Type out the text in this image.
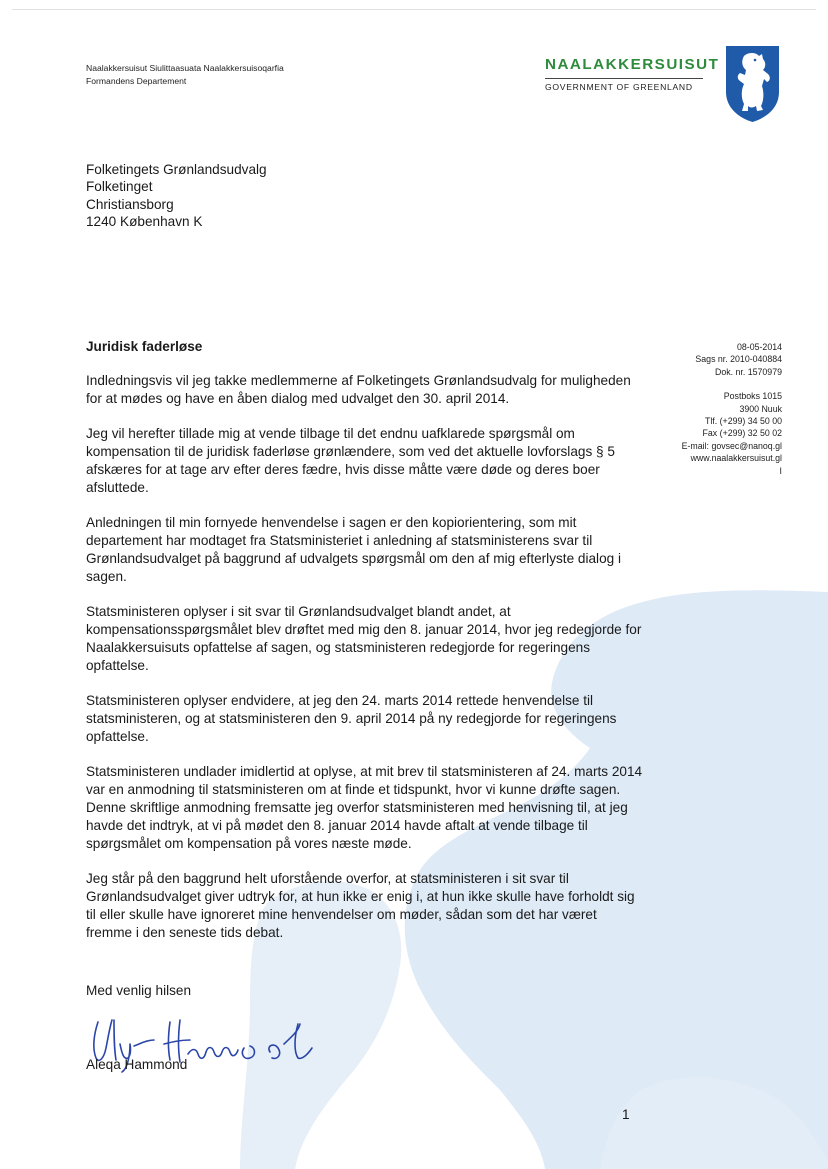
Naalakkersuisut Siulittaasuata Naalakkersuisoqarfia
Formandens Departement
NAALAKKERSUISUT
GOVERNMENT OF GREENLAND
Folketingets Grønlandsudvalg
Folketinget
Christiansborg
1240 København K
Juridisk faderløse	08-05-2014
Sags nr. 2010-040884
Dok. nr. 1570979
Postboks 1015
3900 Nuuk
Tlf. (+299) 34 50 00
Fax (+299) 32 50 02
E-mail: govsec@nanoq.gl
www.naalakkersuisut.gl
I

Indledningsvis vil jeg takke medlemmerne af Folketingets Grønlandsudvalg for muligheden for at mødes og have en åben dialog med udvalget den 30. april 2014.

Jeg vil herefter tillade mig at vende tilbage til det endnu uafklarede spørgsmål om kompensation til de juridisk faderløse grønlændere, som ved det aktuelle lovforslags § 5 afskæres for at tage arv efter deres fædre, hvis disse måtte være døde og deres boer afsluttede.

Anledningen til min fornyede henvendelse i sagen er den kopiorientering, som mit departement har modtaget fra Statsministeriet i anledning af statsministerens svar til Grønlandsudvalget på baggrund af udvalgets spørgsmål om den af mig efterlyste dialog i sagen.

Statsministeren oplyser i sit svar til Grønlandsudvalget blandt andet, at kompensationsspørgsmålet blev drøftet med mig den 8. januar 2014, hvor jeg redegjorde for Naalakkersuisuts opfattelse af sagen, og statsministeren redegjorde for regeringens opfattelse.

Statsministeren oplyser endvidere, at jeg den 24. marts 2014 rettede henvendelse til statsministeren, og at statsministeren den 9. april 2014 på ny redegjorde for regeringens opfattelse.

Statsministeren undlader imidlertid at oplyse, at mit brev til statsministeren af 24. marts 2014 var en anmodning til statsministeren om at finde et tidspunkt, hvor vi kunne drøfte sagen. Denne skriftlige anmodning fremsatte jeg overfor statsministeren med henvisning til, at jeg havde det indtryk, at vi på mødet den 8. januar 2014 havde aftalt at vende tilbage til spørgsmålet om kompensation på vores næste møde.

Jeg står på den baggrund helt uforstående overfor, at statsministeren i sit svar til Grønlandsudvalget giver udtryk for, at hun ikke er enig i, at hun ikke skulle have forholdt sig til eller skulle have ignoreret mine henvendelser om møder, sådan som det har været fremme i den seneste tids debat.

Med venlig hilsen
Aleqa Hammond
1
